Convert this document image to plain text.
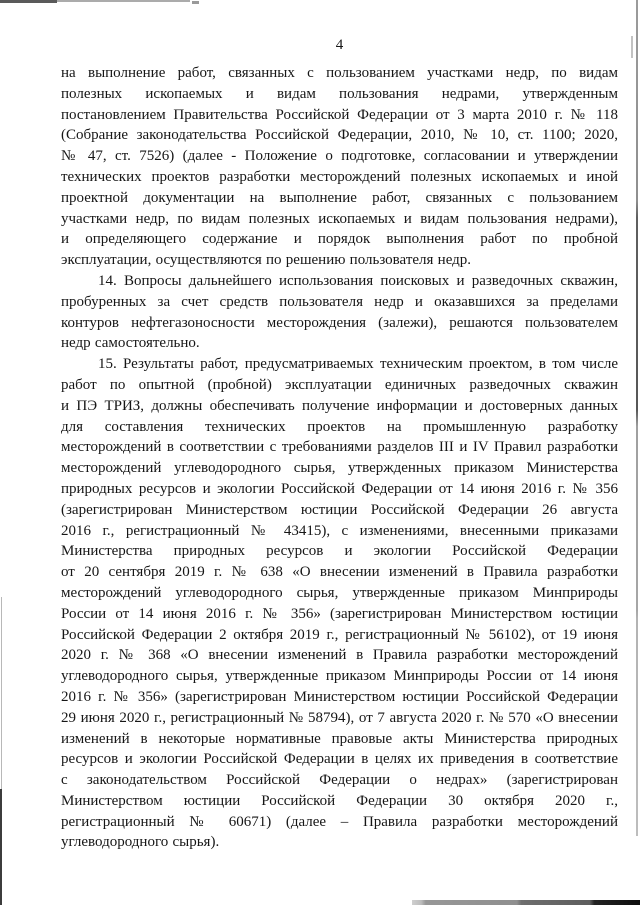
4
на выполнение работ, связанных с пользованием участками недр, по видам
полезных ископаемых и видам пользования недрами, утвержденным
постановлением Правительства Российской Федерации от 3 марта 2010 г. № 118
(Собрание законодательства Российской Федерации, 2010, № 10, ст. 1100; 2020,
№ 47, ст. 7526) (далее - Положение о подготовке, согласовании и утверждении
технических проектов разработки месторождений полезных ископаемых и иной
проектной документации на выполнение работ, связанных с пользованием
участками недр, по видам полезных ископаемых и видам пользования недрами),
и определяющего содержание и порядок выполнения работ по пробной
эксплуатации, осуществляются по решению пользователя недр.
14. Вопросы дальнейшего использования поисковых и разведочных скважин,
пробуренных за счет средств пользователя недр и оказавшихся за пределами
контуров нефтегазоносности месторождения (залежи), решаются пользователем
недр самостоятельно.
15. Результаты работ, предусматриваемых техническим проектом, в том числе
работ по опытной (пробной) эксплуатации единичных разведочных скважин
и ПЭ ТРИЗ, должны обеспечивать получение информации и достоверных данных
для составления технических проектов на промышленную разработку
месторождений в соответствии с требованиями разделов III и IV Правил разработки
месторождений углеводородного сырья, утвержденных приказом Министерства
природных ресурсов и экологии Российской Федерации от 14 июня 2016 г. № 356
(зарегистрирован Министерством юстиции Российской Федерации 26 августа
2016 г., регистрационный № 43415), с изменениями, внесенными приказами
Министерства природных ресурсов и экологии Российской Федерации
от 20 сентября 2019 г. № 638 «О внесении изменений в Правила разработки
месторождений углеводородного сырья, утвержденные приказом Минприроды
России от 14 июня 2016 г. № 356» (зарегистрирован Министерством юстиции
Российской Федерации 2 октября 2019 г., регистрационный № 56102), от 19 июня
2020 г. № 368 «О внесении изменений в Правила разработки месторождений
углеводородного сырья, утвержденные приказом Минприроды России от 14 июня
2016 г. № 356» (зарегистрирован Министерством юстиции Российской Федерации
29 июня 2020 г., регистрационный № 58794), от 7 августа 2020 г. № 570 «О внесении
изменений в некоторые нормативные правовые акты Министерства природных
ресурсов и экологии Российской Федерации в целях их приведения в соответствие
с законодательством Российской Федерации о недрах» (зарегистрирован
Министерством юстиции Российской Федерации 30 октября 2020 г.,
регистрационный № 60671) (далее – Правила разработки месторождений
углеводородного сырья).
